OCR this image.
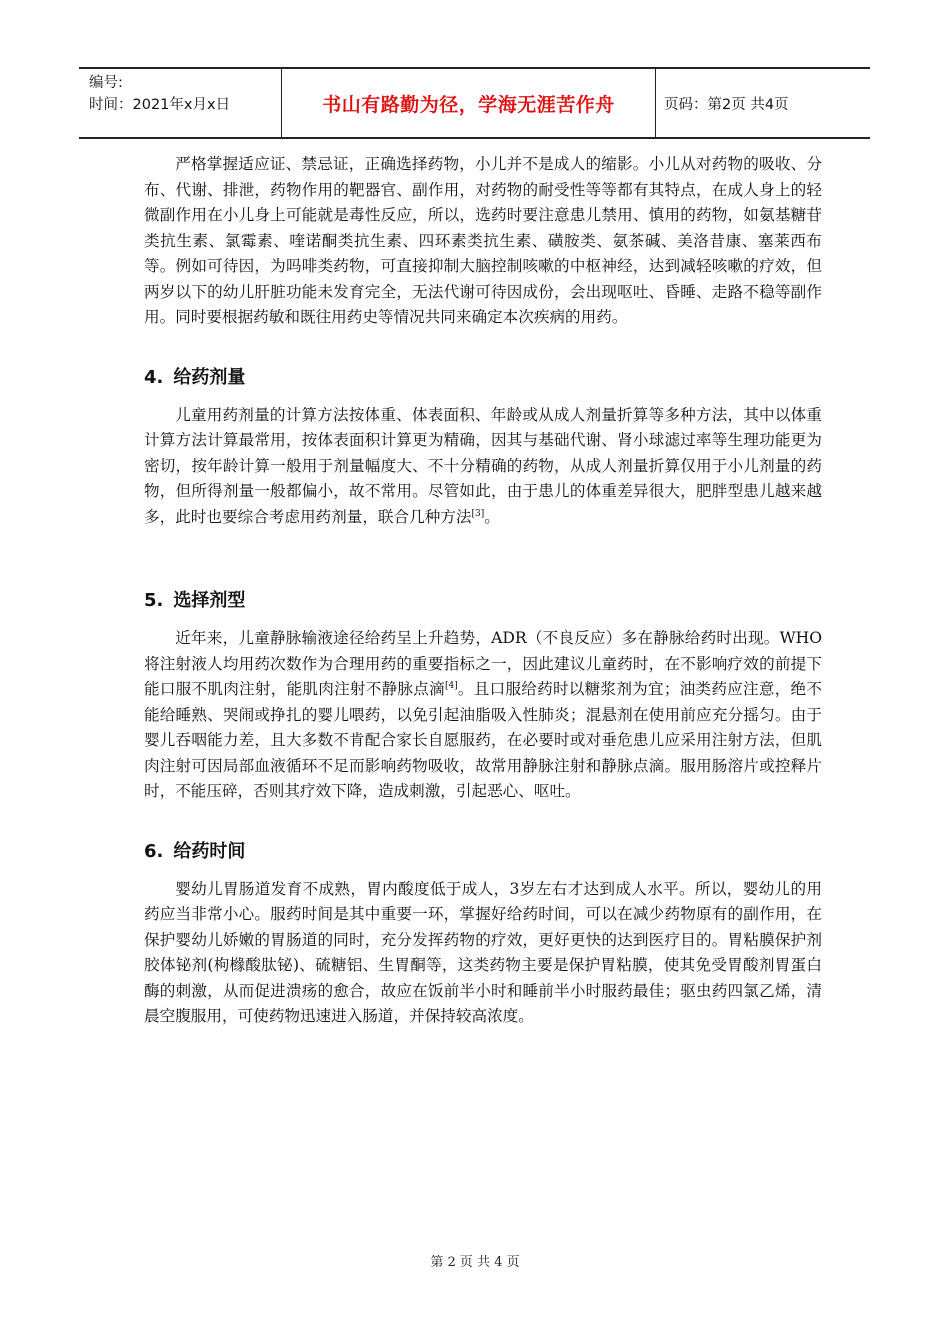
编号:
时间：2021年x月x日	书山有路勤为径，学海无涯苦作舟	页码：第2页 共4页

严格掌握适应证、禁忌证，正确选择药物，小儿并不是成人的缩影。小儿从对药物的吸收、分布、代谢、排泄，药物作用的靶器官、副作用，对药物的耐受性等等都有其特点，在成人身上的轻微副作用在小儿身上可能就是毒性反应，所以，选药时要注意患儿禁用、慎用的药物，如氨基糖苷类抗生素、氯霉素、喹诺酮类抗生素、四环素类抗生素、磺胺类、氨茶碱、美洛昔康、塞莱西布等。例如可待因，为吗啡类药物，可直接抑制大脑控制咳嗽的中枢神经，达到减轻咳嗽的疗效，但两岁以下的幼儿肝脏功能未发育完全，无法代谢可待因成份，会出现呕吐、昏睡、走路不稳等副作用。同时要根据药敏和既往用药史等情况共同来确定本次疾病的用药。

4. 给药剂量

儿童用药剂量的计算方法按体重、体表面积、年龄或从成人剂量折算等多种方法，其中以体重计算方法计算最常用，按体表面积计算更为精确，因其与基础代谢、肾小球滤过率等生理功能更为密切，按年龄计算一般用于剂量幅度大、不十分精确的药物，从成人剂量折算仅用于小儿剂量的药物，但所得剂量一般都偏小，故不常用。尽管如此，由于患儿的体重差异很大，肥胖型患儿越来越多，此时也要综合考虑用药剂量，联合几种方法[3]。

5. 选择剂型

近年来，儿童静脉输液途径给药呈上升趋势，ADR（不良反应）多在静脉给药时出现。WHO将注射液人均用药次数作为合理用药的重要指标之一，因此建议儿童药时，在不影响疗效的前提下能口服不肌肉注射，能肌肉注射不静脉点滴[4]。且口服给药时以糖浆剂为宜；油类药应注意，绝不能给睡熟、哭闹或挣扎的婴儿喂药，以免引起油脂吸入性肺炎；混悬剂在使用前应充分摇匀。由于婴儿吞咽能力差，且大多数不肯配合家长自愿服药，在必要时或对垂危患儿应采用注射方法，但肌肉注射可因局部血液循环不足而影响药物吸收，故常用静脉注射和静脉点滴。服用肠溶片或控释片时，不能压碎，否则其疗效下降，造成刺激，引起恶心、呕吐。

6. 给药时间

婴幼儿胃肠道发育不成熟，胃内酸度低于成人，3岁左右才达到成人水平。所以，婴幼儿的用药应当非常小心。服药时间是其中重要一环，掌握好给药时间，可以在减少药物原有的副作用，在保护婴幼儿娇嫩的胃肠道的同时，充分发挥药物的疗效，更好更快的达到医疗目的。胃粘膜保护剂胶体铋剂(枸橼酸肽铋)、硫糖铝、生胃酮等，这类药物主要是保护胃粘膜，使其免受胃酸剂胃蛋白酶的刺激，从而促进溃疡的愈合，故应在饭前半小时和睡前半小时服药最佳；驱虫药四氯乙烯，清晨空腹服用，可使药物迅速进入肠道，并保持较高浓度。

第 2 页 共 4 页
